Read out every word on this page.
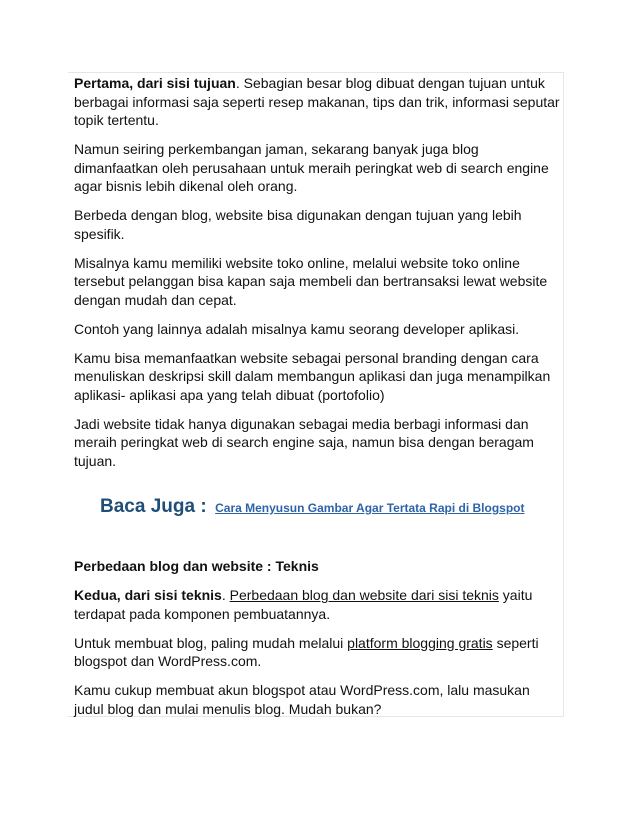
Pertama, dari sisi tujuan. Sebagian besar blog dibuat dengan tujuan untuk berbagai informasi saja seperti resep makanan, tips dan trik, informasi seputar topik tertentu.

Namun seiring perkembangan jaman, sekarang banyak juga blog dimanfaatkan oleh perusahaan untuk meraih peringkat web di search engine agar bisnis lebih dikenal oleh orang.

Berbeda dengan blog, website bisa digunakan dengan tujuan yang lebih spesifik.

Misalnya kamu memiliki website toko online, melalui website toko online tersebut pelanggan bisa kapan saja membeli dan bertransaksi lewat website dengan mudah dan cepat.

Contoh yang lainnya adalah misalnya kamu seorang developer aplikasi.

Kamu bisa memanfaatkan website sebagai personal branding dengan cara menuliskan deskripsi skill dalam membangun aplikasi dan juga menampilkan aplikasi- aplikasi apa yang telah dibuat (portofolio)

Jadi website tidak hanya digunakan sebagai media berbagi informasi dan meraih peringkat web di search engine saja, namun bisa dengan beragam tujuan.

Baca Juga : Cara Menyusun Gambar Agar Tertata Rapi di Blogspot

Perbedaan blog dan website : Teknis

Kedua, dari sisi teknis. Perbedaan blog dan website dari sisi teknis yaitu terdapat pada komponen pembuatannya.

Untuk membuat blog, paling mudah melalui platform blogging gratis seperti blogspot dan WordPress.com.

Kamu cukup membuat akun blogspot atau WordPress.com, lalu masukan judul blog dan mulai menulis blog. Mudah bukan?
